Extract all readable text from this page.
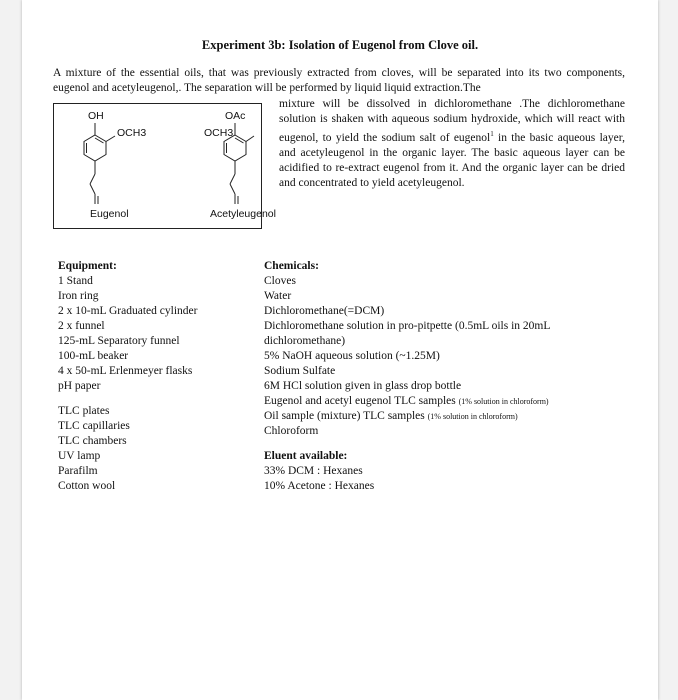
Experiment 3b: Isolation of Eugenol from Clove oil.
A mixture of the essential oils, that was previously extracted from cloves, will be separated into its two components, eugenol and acetyleugenol,. The separation will be performed by liquid liquid extraction.The
OH
OCH3
Eugenol
OAc
OCH3
Acetyleugenol
mixture will be dissolved in dichloromethane .The dichloromethane solution is shaken with aqueous sodium hydroxide, which will react with eugenol, to yield the sodium salt of eugenol$^1$ in the basic aqueous layer, and acetyleugenol in the organic layer. The basic aqueous layer can be acidified to re-extract eugenol from it. And the organic layer can be dried and concentrated to yield acetyleugenol.
Equipment:
1 Stand
Iron ring
2 x 10-mL Graduated cylinder
2 x funnel
125-mL Separatory funnel
100-mL beaker
4 x 50-mL Erlenmeyer flasks
pH paper
TLC plates
TLC capillaries
TLC chambers
UV lamp
Parafilm
Cotton wool
Chemicals:
Cloves
Water
Dichloromethane(=DCM)
Dichloromethane solution in pro-pitpette (0.5mL oils in 20mL
dichloromethane)
5% NaOH aqueous solution (~1.25M)
Sodium Sulfate
6M HCl solution given in glass drop bottle
Eugenol and acetyl eugenol TLC samples (1% solution in chloroform)
Oil sample (mixture) TLC samples (1% solution in chloroform)
Chloroform
Eluent available:
33% DCM : Hexanes
10% Acetone : Hexanes
